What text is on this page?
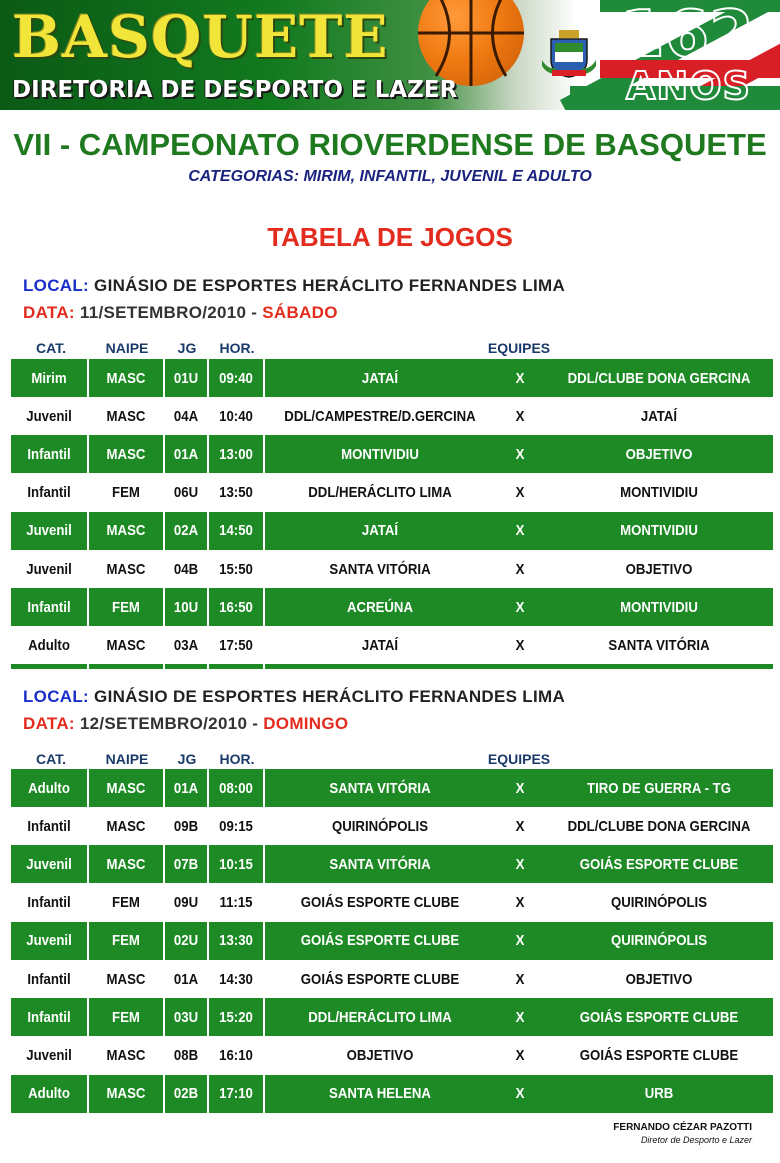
BASQUETE
DIRETORIA DE DESPORTO E LAZER
162
ANOS
VII - CAMPEONATO RIOVERDENSE DE BASQUETE
CATEGORIAS: MIRIM, INFANTIL, JUVENIL E ADULTO
TABELA DE JOGOS
LOCAL: GINÁSIO DE ESPORTES HERÁCLITO FERNANDES LIMA
DATA: 11/SETEMBRO/2010 - SÁBADO
CAT.	NAIPE	JG	HOR.	EQUIPES
Mirim	MASC	01U	09:40	JATAÍ	X	DDL/CLUBE DONA GERCINA
Juvenil	MASC	04A	10:40	DDL/CAMPESTRE/D.GERCINA	X	JATAÍ
Infantil	MASC	01A	13:00	MONTIVIDIU	X	OBJETIVO
Infantil	FEM	06U	13:50	DDL/HERÁCLITO LIMA	X	MONTIVIDIU
Juvenil	MASC	02A	14:50	JATAÍ	X	MONTIVIDIU
Juvenil	MASC	04B	15:50	SANTA VITÓRIA	X	OBJETIVO
Infantil	FEM	10U	16:50	ACREÚNA	X	MONTIVIDIU
Adulto	MASC	03A	17:50	JATAÍ	X	SANTA VITÓRIA
LOCAL: GINÁSIO DE ESPORTES HERÁCLITO FERNANDES LIMA
DATA: 12/SETEMBRO/2010 - DOMINGO
CAT.	NAIPE	JG	HOR.	EQUIPES
Adulto	MASC	01A	08:00	SANTA VITÓRIA	X	TIRO DE GUERRA - TG
Infantil	MASC	09B	09:15	QUIRINÓPOLIS	X	DDL/CLUBE DONA GERCINA
Juvenil	MASC	07B	10:15	SANTA VITÓRIA	X	GOIÁS ESPORTE CLUBE
Infantil	FEM	09U	11:15	GOIÁS ESPORTE CLUBE	X	QUIRINÓPOLIS
Juvenil	FEM	02U	13:30	GOIÁS ESPORTE CLUBE	X	QUIRINÓPOLIS
Infantil	MASC	01A	14:30	GOIÁS ESPORTE CLUBE	X	OBJETIVO
Infantil	FEM	03U	15:20	DDL/HERÁCLITO LIMA	X	GOIÁS ESPORTE CLUBE
Juvenil	MASC	08B	16:10	OBJETIVO	X	GOIÁS ESPORTE CLUBE
Adulto	MASC	02B	17:10	SANTA HELENA	X	URB
FERNANDO CÉZAR PAZOTTI
Diretor de Desporto e Lazer
